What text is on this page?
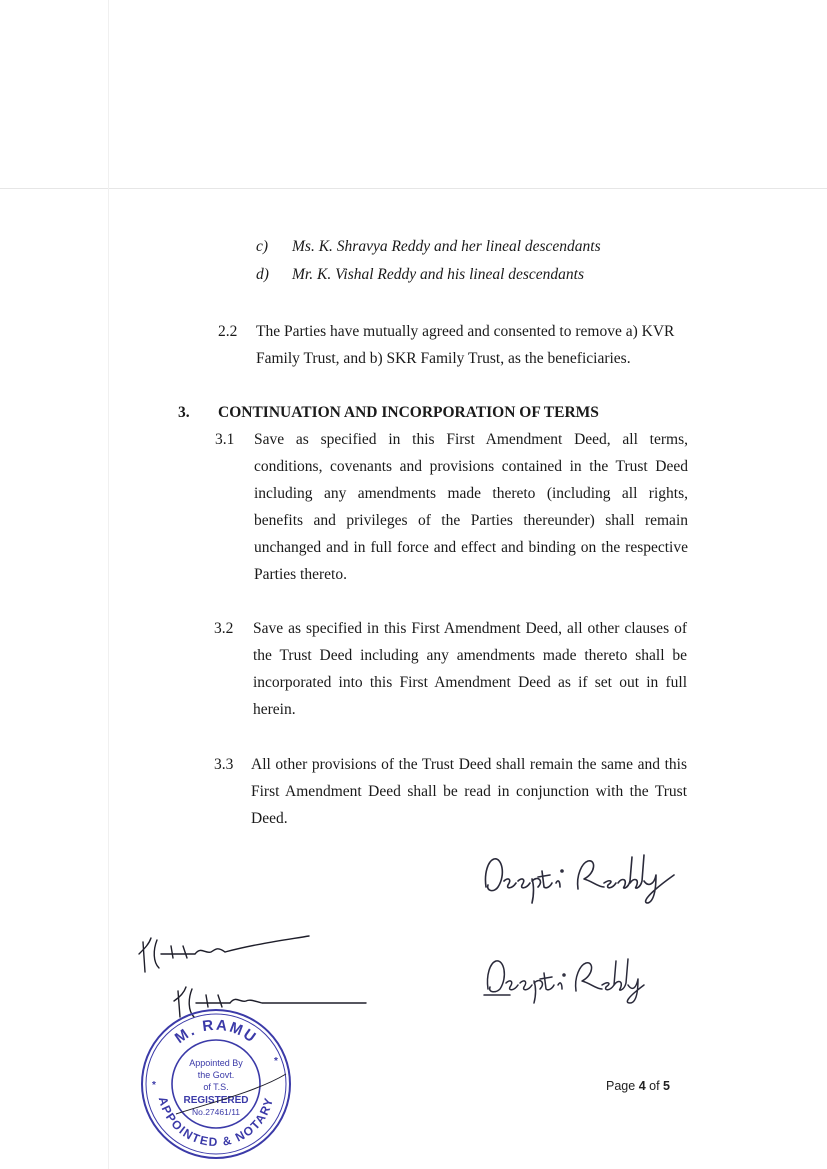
c) Ms. K. Shravya Reddy and her lineal descendants
d) Mr. K. Vishal Reddy and his lineal descendants
2.2 The Parties have mutually agreed and consented to remove a) KVR Family Trust, and b) SKR Family Trust, as the beneficiaries.
3. CONTINUATION AND INCORPORATION OF TERMS
3.1 Save as specified in this First Amendment Deed, all terms, conditions, covenants and provisions contained in the Trust Deed including any amendments made thereto (including all rights, benefits and privileges of the Parties thereunder) shall remain unchanged and in full force and effect and binding on the respective Parties thereto.
3.2 Save as specified in this First Amendment Deed, all other clauses of the Trust Deed including any amendments made thereto shall be incorporated into this First Amendment Deed as if set out in full herein.
3.3 All other provisions of the Trust Deed shall remain the same and this First Amendment Deed shall be read in conjunction with the Trust Deed.
M. RAMU
APPOINTED & NOTARY
Appointed By
the Govt.
of T.S.
REGISTERED
No.27461/11
*
*
Page 4 of 5
